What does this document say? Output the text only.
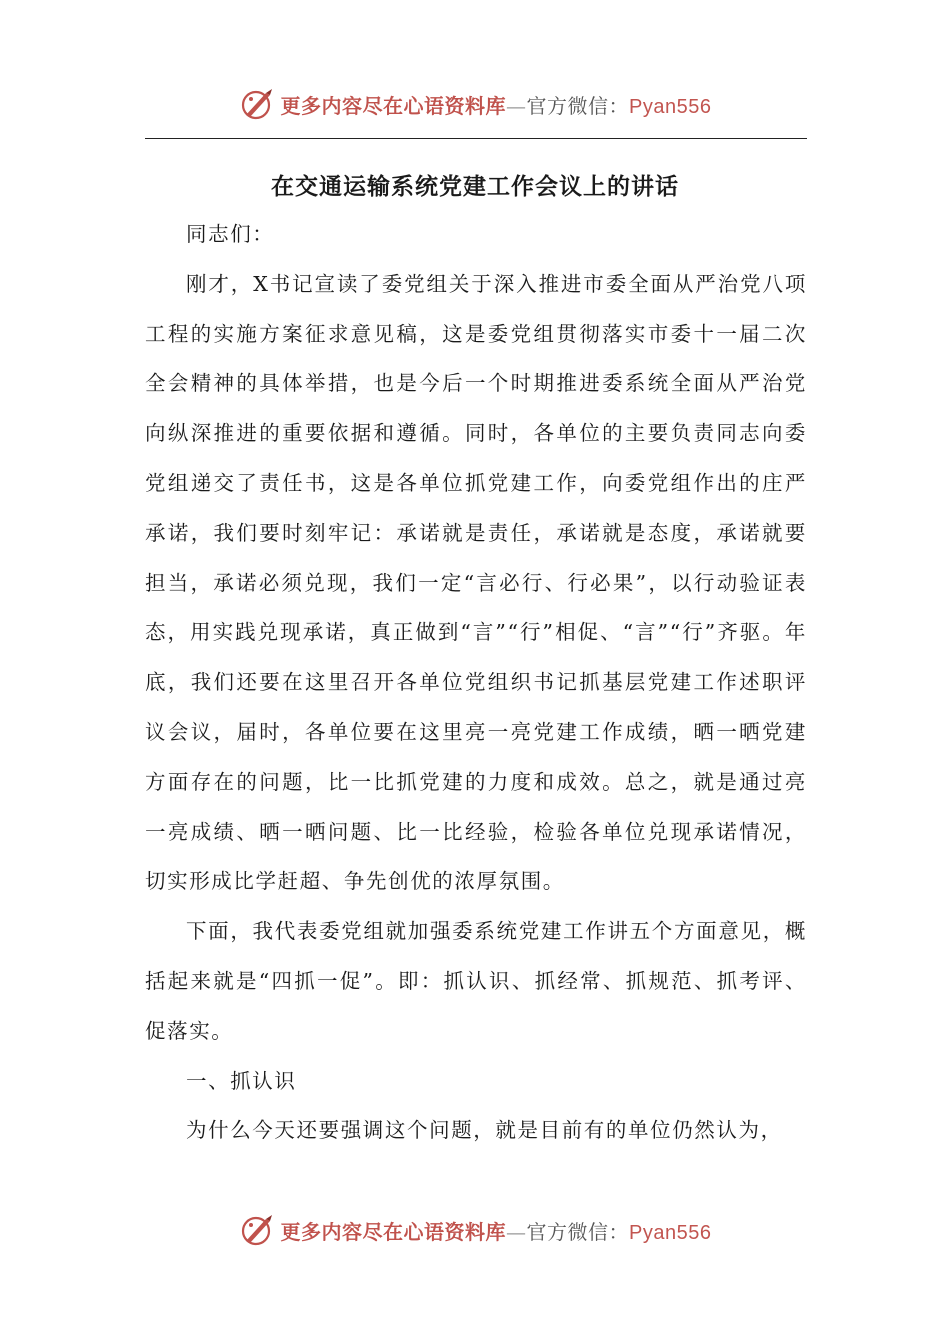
更多内容尽在心语资料库—官方微信：Pyan556
在交通运输系统党建工作会议上的讲话

同志们：

刚才，X书记宣读了委党组关于深入推进市委全面从严治党八项工程的实施方案征求意见稿，这是委党组贯彻落实市委十一届二次全会精神的具体举措，也是今后一个时期推进委系统全面从严治党向纵深推进的重要依据和遵循。同时，各单位的主要负责同志向委党组递交了责任书，这是各单位抓党建工作，向委党组作出的庄严承诺，我们要时刻牢记：承诺就是责任，承诺就是态度，承诺就要担当，承诺必须兑现，我们一定“言必行、行必果”，以行动验证表态，用实践兑现承诺，真正做到“言”“行”相促、“言”“行”齐驱。年底，我们还要在这里召开各单位党组织书记抓基层党建工作述职评议会议，届时，各单位要在这里亮一亮党建工作成绩，晒一晒党建方面存在的问题，比一比抓党建的力度和成效。总之，就是通过亮一亮成绩、晒一晒问题、比一比经验，检验各单位兑现承诺情况，切实形成比学赶超、争先创优的浓厚氛围。

下面，我代表委党组就加强委系统党建工作讲五个方面意见，概括起来就是“四抓一促”。即：抓认识、抓经常、抓规范、抓考评、促落实。

一、抓认识

为什么今天还要强调这个问题，就是目前有的单位仍然认为，

更多内容尽在心语资料库—官方微信：Pyan556
